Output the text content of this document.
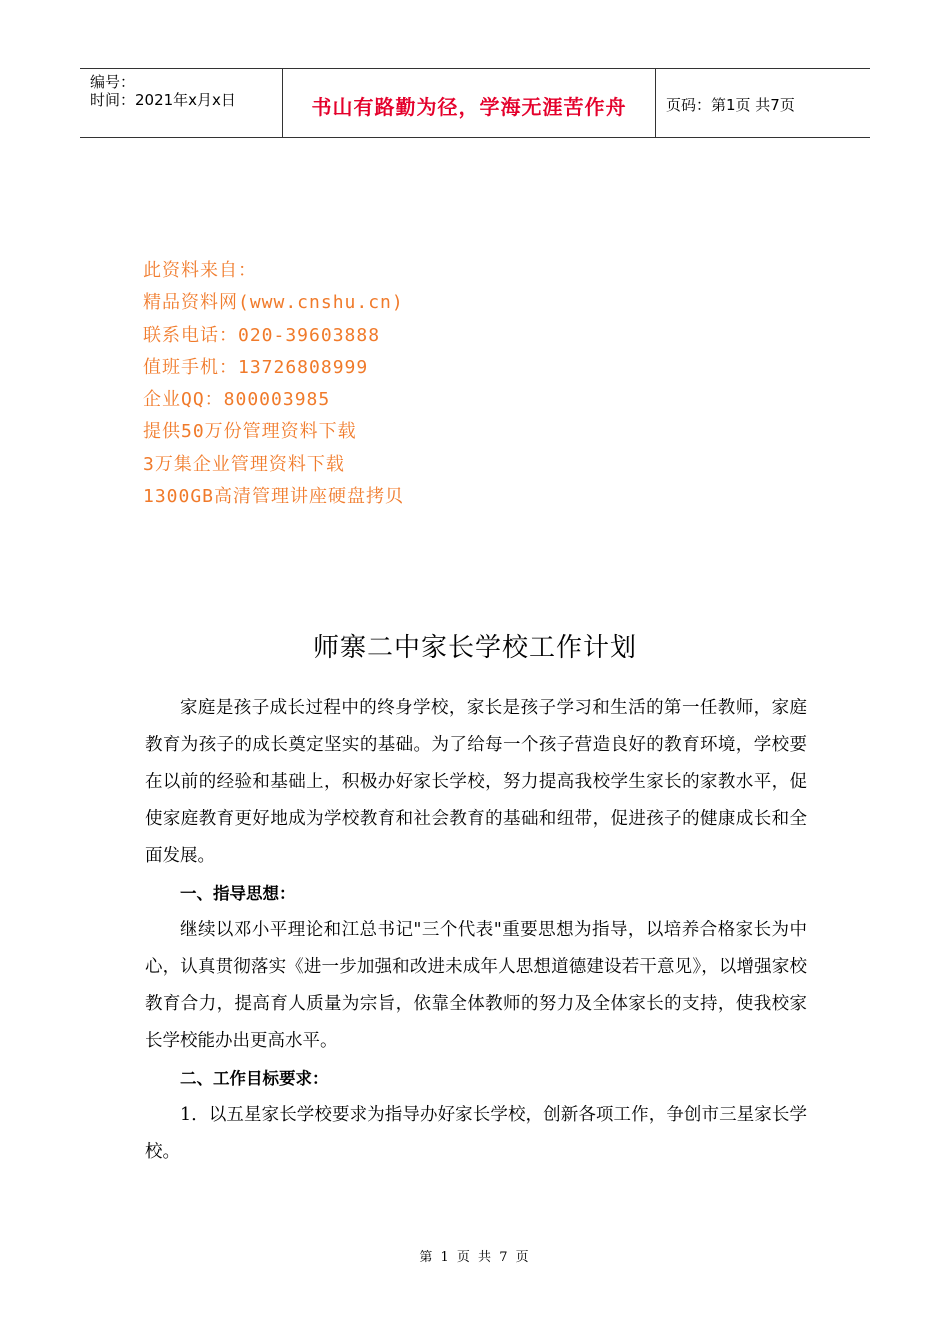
编号：
时间：2021年x月x日	书山有路勤为径，学海无涯苦作舟	页码：第1页 共7页
此资料来自：
精品资料网(www.cnshu.cn)
联系电话：020-39603888
值班手机：13726808999
企业QQ：800003985
提供50万份管理资料下载
3万集企业管理资料下载
1300GB高清管理讲座硬盘拷贝
师寨二中家长学校工作计划

家庭是孩子成长过程中的终身学校，家长是孩子学习和生活的第一任教师，家庭教育为孩子的成长奠定坚实的基础。为了给每一个孩子营造良好的教育环境，学校要在以前的经验和基础上，积极办好家长学校，努力提高我校学生家长的家教水平，促使家庭教育更好地成为学校教育和社会教育的基础和纽带，促进孩子的健康成长和全面发展。

一、指导思想：

继续以邓小平理论和江总书记"三个代表"重要思想为指导，以培养合格家长为中心，认真贯彻落实《进一步加强和改进未成年人思想道德建设若干意见》，以增强家校教育合力，提高育人质量为宗旨，依靠全体教师的努力及全体家长的支持，使我校家长学校能办出更高水平。

二、工作目标要求：

1．以五星家长学校要求为指导办好家长学校，创新各项工作，争创市三星家长学校。

第 1 页 共 7 页
